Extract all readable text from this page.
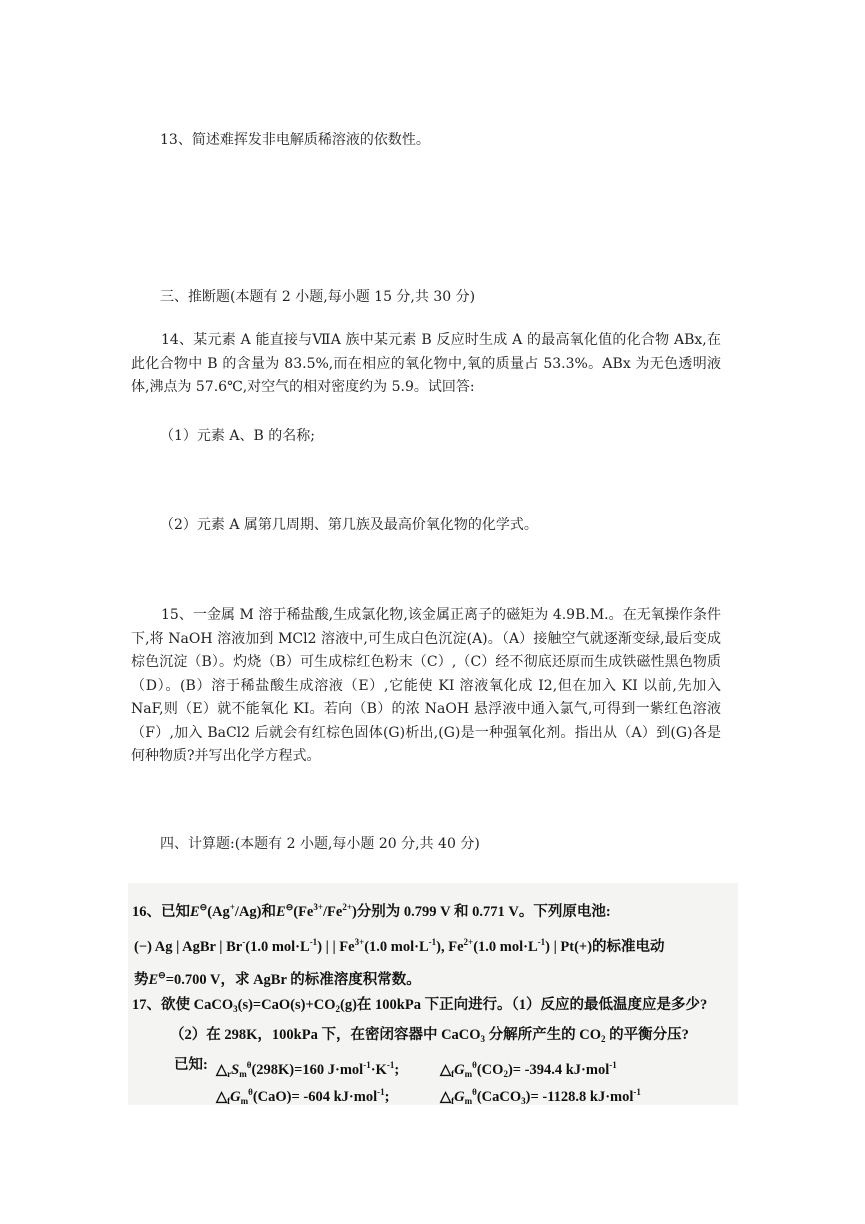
13、简述难挥发非电解质稀溶液的依数性。
三、推断题(本题有 2 小题,每小题 15 分,共 30 分)
14、某元素 A 能直接与ⅦA 族中某元素 B 反应时生成 A 的最高氧化值的化合物 ABx,在此化合物中 B 的含量为 83.5%,而在相应的氧化物中,氧的质量占 53.3%。ABx 为无色透明液体,沸点为 57.6℃,对空气的相对密度约为 5.9。试回答:
（1）元素 A、B 的名称;
（2）元素 A 属第几周期、第几族及最高价氧化物的化学式。
15、一金属 M 溶于稀盐酸,生成氯化物,该金属正离子的磁矩为 4.9B.M.。在无氧操作条件下,将 NaOH 溶液加到 MCl2 溶液中,可生成白色沉淀(A)。（A）接触空气就逐渐变绿,最后变成棕色沉淀（B）。灼烧（B）可生成棕红色粉末（C）,（C）经不彻底还原而生成铁磁性黑色物质（D）。(B）溶于稀盐酸生成溶液（E）,它能使 KI 溶液氧化成 I2,但在加入 KI 以前,先加入 NaF,则（E）就不能氧化 KI。若向（B）的浓 NaOH 悬浮液中通入氯气,可得到一紫红色溶液（F）,加入 BaCl2 后就会有红棕色固体(G)析出,(G)是一种强氧化剂。指出从（A）到(G)各是何种物质?并写出化学方程式。
四、计算题:(本题有 2 小题,每小题 20 分,共 40 分)
16、已知E⊖(Ag+/Ag)和$E^⊖(Fe^{3+}/Fe^{2+})$分别为 0.799 V 和 0.771 V。下列原电池:
(−) Ag | AgBr | Br-(1.0 $mol\cdot L^{-1}$) | | $Fe^{3+}(1.0$ $mol\cdot L^{-1}$), $Fe^{2+}(1.0$ $mol\cdot L^{-1}$) | Pt(+)的标准电动
势E⊖=0.700 V，求 AgBr 的标准溶度积常数。
17、欲使 $CaCO_3(s)=CaO(s)+CO_2(g)$在 100kPa 下正向进行。（1）反应的最低温度应是多少?
（2）在 298K，100kPa 下，在密闭容器中 CaCO$_3$ 分解所产生的 $CO_2$ 的平衡分压?
已知: $\triangle_rS_m^\theta(298K)=160$ $J\cdot mol^{-1}\cdot K^{-1}$;	$\triangle_fG_m^\theta(CO_2)= -394.4$ kJ·mol$^{-1}$
$\triangle_fG_m^\theta(CaO)= -604$ kJ·mol$^{-1}$;	$\triangle_fG_m^\theta(CaCO_3)= -1128.8$ kJ·mol$^{-1}$
